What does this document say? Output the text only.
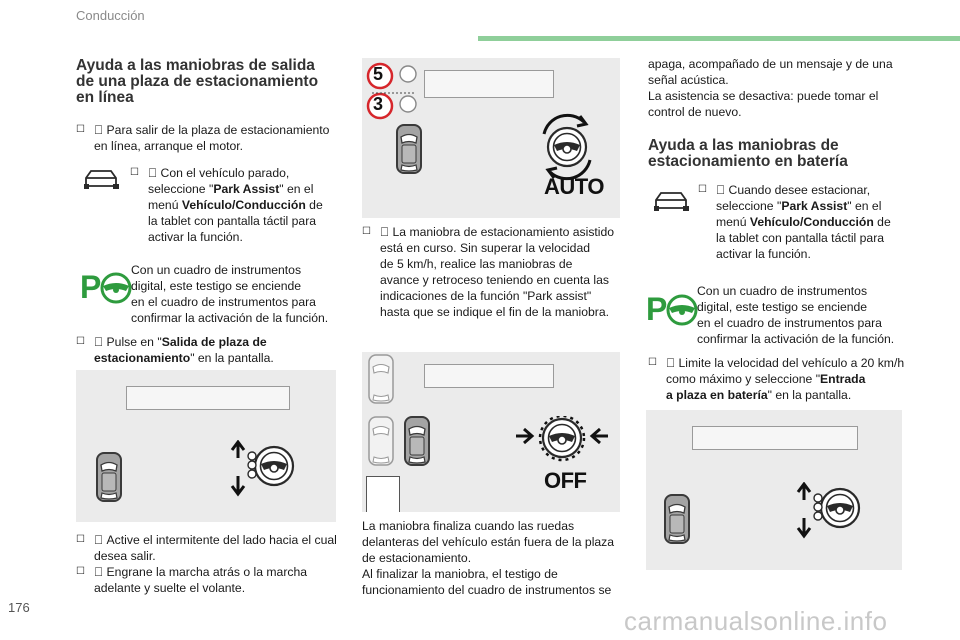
Conducción
176	carmanualsonline.info
Ayuda a las maniobras de salida
de una plaza de estacionamiento
en línea

☐ Para salir de la plaza de estacionamiento
en línea, arranque el motor.

☐ Con el vehículo parado,
seleccione "Park Assist" en el
menú Vehículo/Conducción de
la tablet con pantalla táctil para
activar la función.
Con un cuadro de instrumentos
digital, este testigo se enciende
en el cuadro de instrumentos para
confirmar la activación de la función.

☐ Pulse en "Salida de plaza de
estacionamiento" en la pantalla.

☐ Active el intermitente del lado hacia el cual
desea salir.

☐ Engrane la marcha atrás o la marcha
adelante y suelte el volante.
5
3
AUTO

☐ La maniobra de estacionamiento asistido
está en curso. Sin superar la velocidad
de 5 km/h, realice las maniobras de
avance y retroceso teniendo en cuenta las
indicaciones de la función "Park assist"
hasta que se indique el fin de la maniobra.
OFF
La maniobra finaliza cuando las ruedas
delanteras del vehículo están fuera de la plaza
de estacionamiento.
Al finalizar la maniobra, el testigo de
funcionamiento del cuadro de instrumentos se
apaga, acompañado de un mensaje y de una
señal acústica.
La asistencia se desactiva: puede tomar el
control de nuevo.
Ayuda a las maniobras de
estacionamiento en batería

☐ Cuando desee estacionar,
seleccione "Park Assist" en el
menú Vehículo/Conducción de
la tablet con pantalla táctil para
activar la función.
Con un cuadro de instrumentos
digital, este testigo se enciende
en el cuadro de instrumentos para
confirmar la activación de la función.

☐ Limite la velocidad del vehículo a 20 km/h
como máximo y seleccione "Entrada
a plaza en batería" en la pantalla.
